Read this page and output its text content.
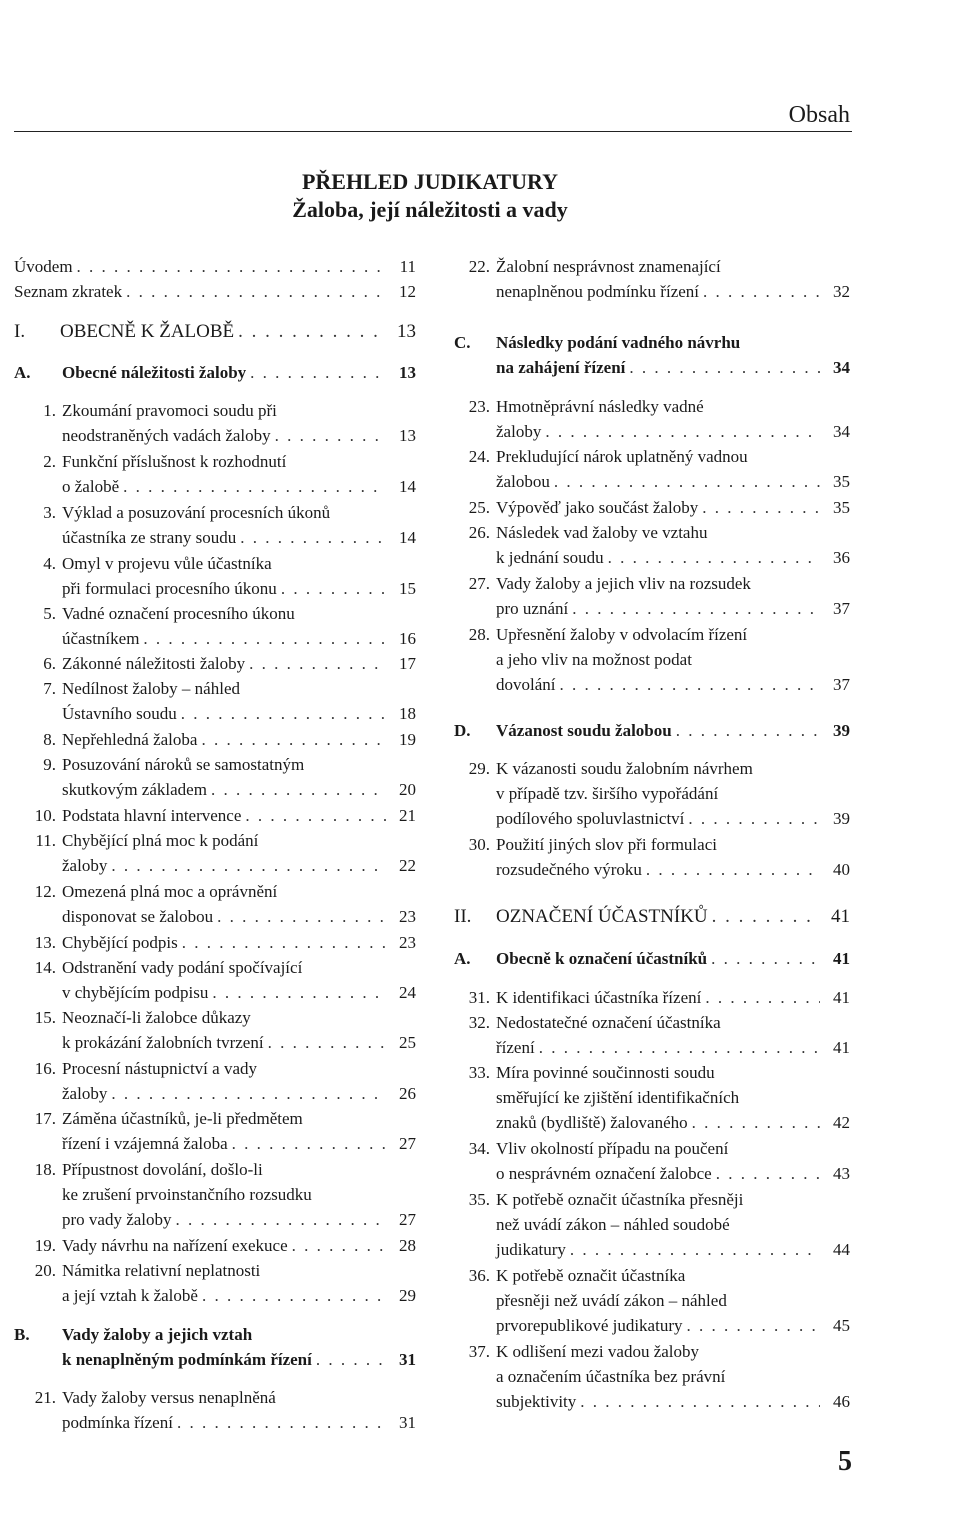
Obsah
PŘEHLED JUDIKATURY
Žaloba, její náležitosti a vady
Úvodem . . .	11
Seznam zkratek . . .	12
I. OBECNĚ K ŽALOBĚ . . .	13
A. Obecné náležitosti žaloby . . .	13
1. Zkoumání pravomoci soudu při
neodstraněných vadách žaloby . . .	13
2. Funkční příslušnost k rozhodnutí
o žalobě . . .	14
3. Výklad a posuzování procesních úkonů
účastníka ze strany soudu . . .	14
4. Omyl v projevu vůle účastníka
při formulaci procesního úkonu . . .	15
5. Vadné označení procesního úkonu
účastníkem . . .	16
6. Zákonné náležitosti žaloby . . .	17
7. Nedílnost žaloby – náhled
Ústavního soudu . . .	18
8. Nepřehledná žaloba . . .	19
9. Posuzování nároků se samostatným
skutkovým základem . . .	20
10. Podstata hlavní intervence . . .	21
11. Chybějící plná moc k podání
žaloby . . .	22
12. Omezená plná moc a oprávnění
disponovat se žalobou . . .	23
13. Chybějící podpis . . .	23
14. Odstranění vady podání spočívající
v chybějícím podpisu . . .	24
15. Neoznačí-li žalobce důkazy
k prokázání žalobních tvrzení . . .	25
16. Procesní nástupnictví a vady
žaloby . . .	26
17. Záměna účastníků, je-li předmětem
řízení i vzájemná žaloba . . .	27
18. Přípustnost dovolání, došlo-li
ke zrušení prvoinstančního rozsudku
pro vady žaloby . . .	27
19. Vady návrhu na nařízení exekuce . . .	28
20. Námitka relativní neplatnosti
a její vztah k žalobě . . .	29
B. Vady žaloby a jejich vztah
k nenaplněným podmínkám řízení . . .	31
21. Vady žaloby versus nenaplněná
podmínka řízení . . .	31
22. Žalobní nesprávnost znamenající
nenaplněnou podmínku řízení . . .	32
C. Následky podání vadného návrhu
na zahájení řízení . . .	34
23. Hmotněprávní následky vadné
žaloby . . .	34
24. Prekludující nárok uplatněný vadnou
žalobou . . .	35
25. Výpověď jako součást žaloby . . .	35
26. Následek vad žaloby ve vztahu
k jednání soudu . . .	36
27. Vady žaloby a jejich vliv na rozsudek
pro uznání . . .	37
28. Upřesnění žaloby v odvolacím řízení
a jeho vliv na možnost podat
dovolání . . .	37
D. Vázanost soudu žalobou . . .	39
29. K vázanosti soudu žalobním návrhem
v případě tzv. širšího vypořádání
podílového spoluvlastnictví . . .	39
30. Použití jiných slov při formulaci
rozsudečného výroku . . .	40
II. OZNAČENÍ ÚČASTNÍKŮ . . .	41
A. Obecně k označení účastníků . . .	41
31. K identifikaci účastníka řízení . . .	41
32. Nedostatečné označení účastníka
řízení . . .	41
33. Míra povinné součinnosti soudu
směřující ke zjištění identifikačních
znaků (bydliště) žalovaného . . .	42
34. Vliv okolností případu na poučení
o nesprávném označení žalobce . . .	43
35. K potřebě označit účastníka přesněji
než uvádí zákon – náhled soudobé
judikatury . . .	44
36. K potřebě označit účastníka
přesněji než uvádí zákon – náhled
prvorepublikové judikatury . . .	45
37. K odlišení mezi vadou žaloby
a označením účastníka bez právní
subjektivity . . .	46
5
